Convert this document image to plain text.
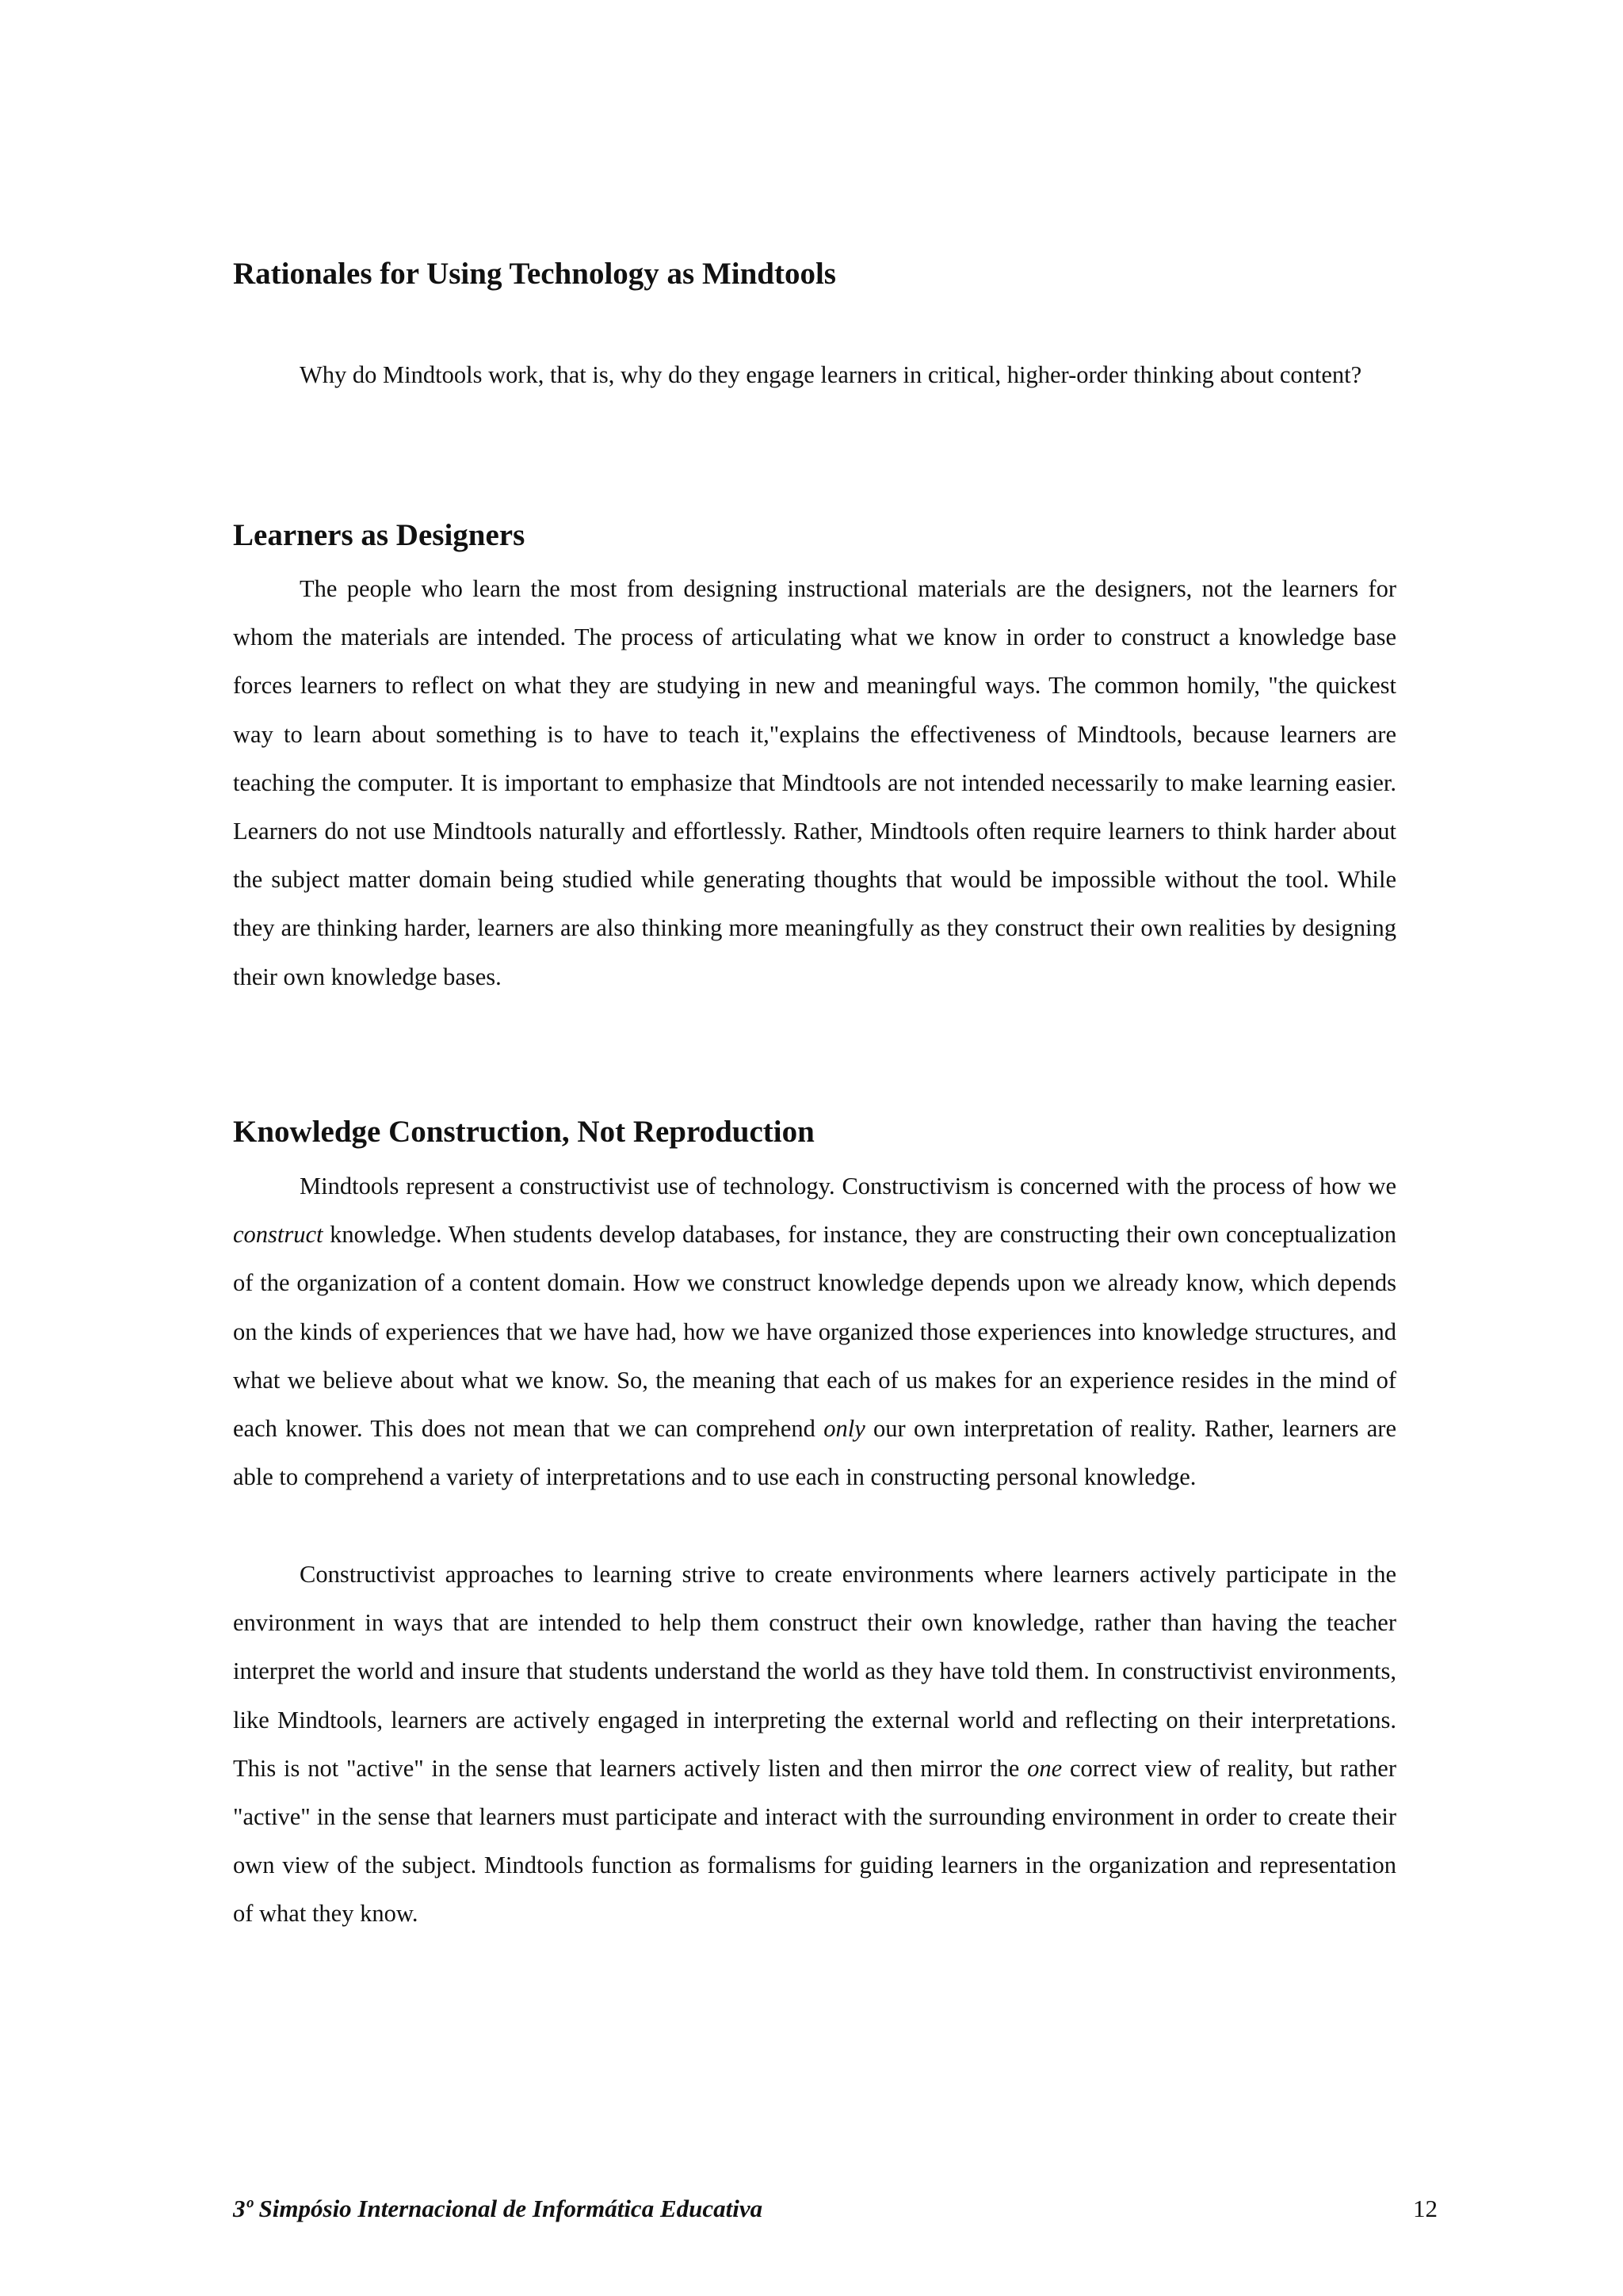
Rationales for Using Technology as Mindtools

Why do Mindtools work, that is, why do they engage learners in critical, higher-order thinking about content?

Learners as Designers

The people who learn the most from designing instructional materials are the designers, not the learners for whom the materials are intended. The process of articulating what we know in order to construct a knowledge base forces learners to reflect on what they are studying in new and meaningful ways. The common homily, "the quickest way to learn about something is to have to teach it,"explains the effectiveness of Mindtools, because learners are teaching the computer. It is important to emphasize that Mindtools are not intended necessarily to make learning easier. Learners do not use Mindtools naturally and effortlessly. Rather, Mindtools often require learners to think harder about the subject matter domain being studied while generating thoughts that would be impossible without the tool. While they are thinking harder, learners are also thinking more meaningfully as they construct their own realities by designing their own knowledge bases.

Knowledge Construction, Not Reproduction

Mindtools represent a constructivist use of technology. Constructivism is concerned with the process of how we construct knowledge. When students develop databases, for instance, they are constructing their own conceptualization of the organization of a content domain. How we construct knowledge depends upon we already know, which depends on the kinds of experiences that we have had, how we have organized those experiences into knowledge structures, and what we believe about what we know. So, the meaning that each of us makes for an experience resides in the mind of each knower. This does not mean that we can comprehend only our own interpretation of reality. Rather, learners are able to comprehend a variety of interpretations and to use each in constructing personal knowledge.

Constructivist approaches to learning strive to create environments where learners actively participate in the environment in ways that are intended to help them construct their own knowledge, rather than having the teacher interpret the world and insure that students understand the world as they have told them. In constructivist environments, like Mindtools, learners are actively engaged in interpreting the external world and reflecting on their interpretations. This is not "active" in the sense that learners actively listen and then mirror the one correct view of reality, but rather "active" in the sense that learners must participate and interact with the surrounding environment in order to create their own view of the subject. Mindtools function as formalisms for guiding learners in the organization and representation of what they know.

3º Simpósio Internacional de Informática Educativa	12
